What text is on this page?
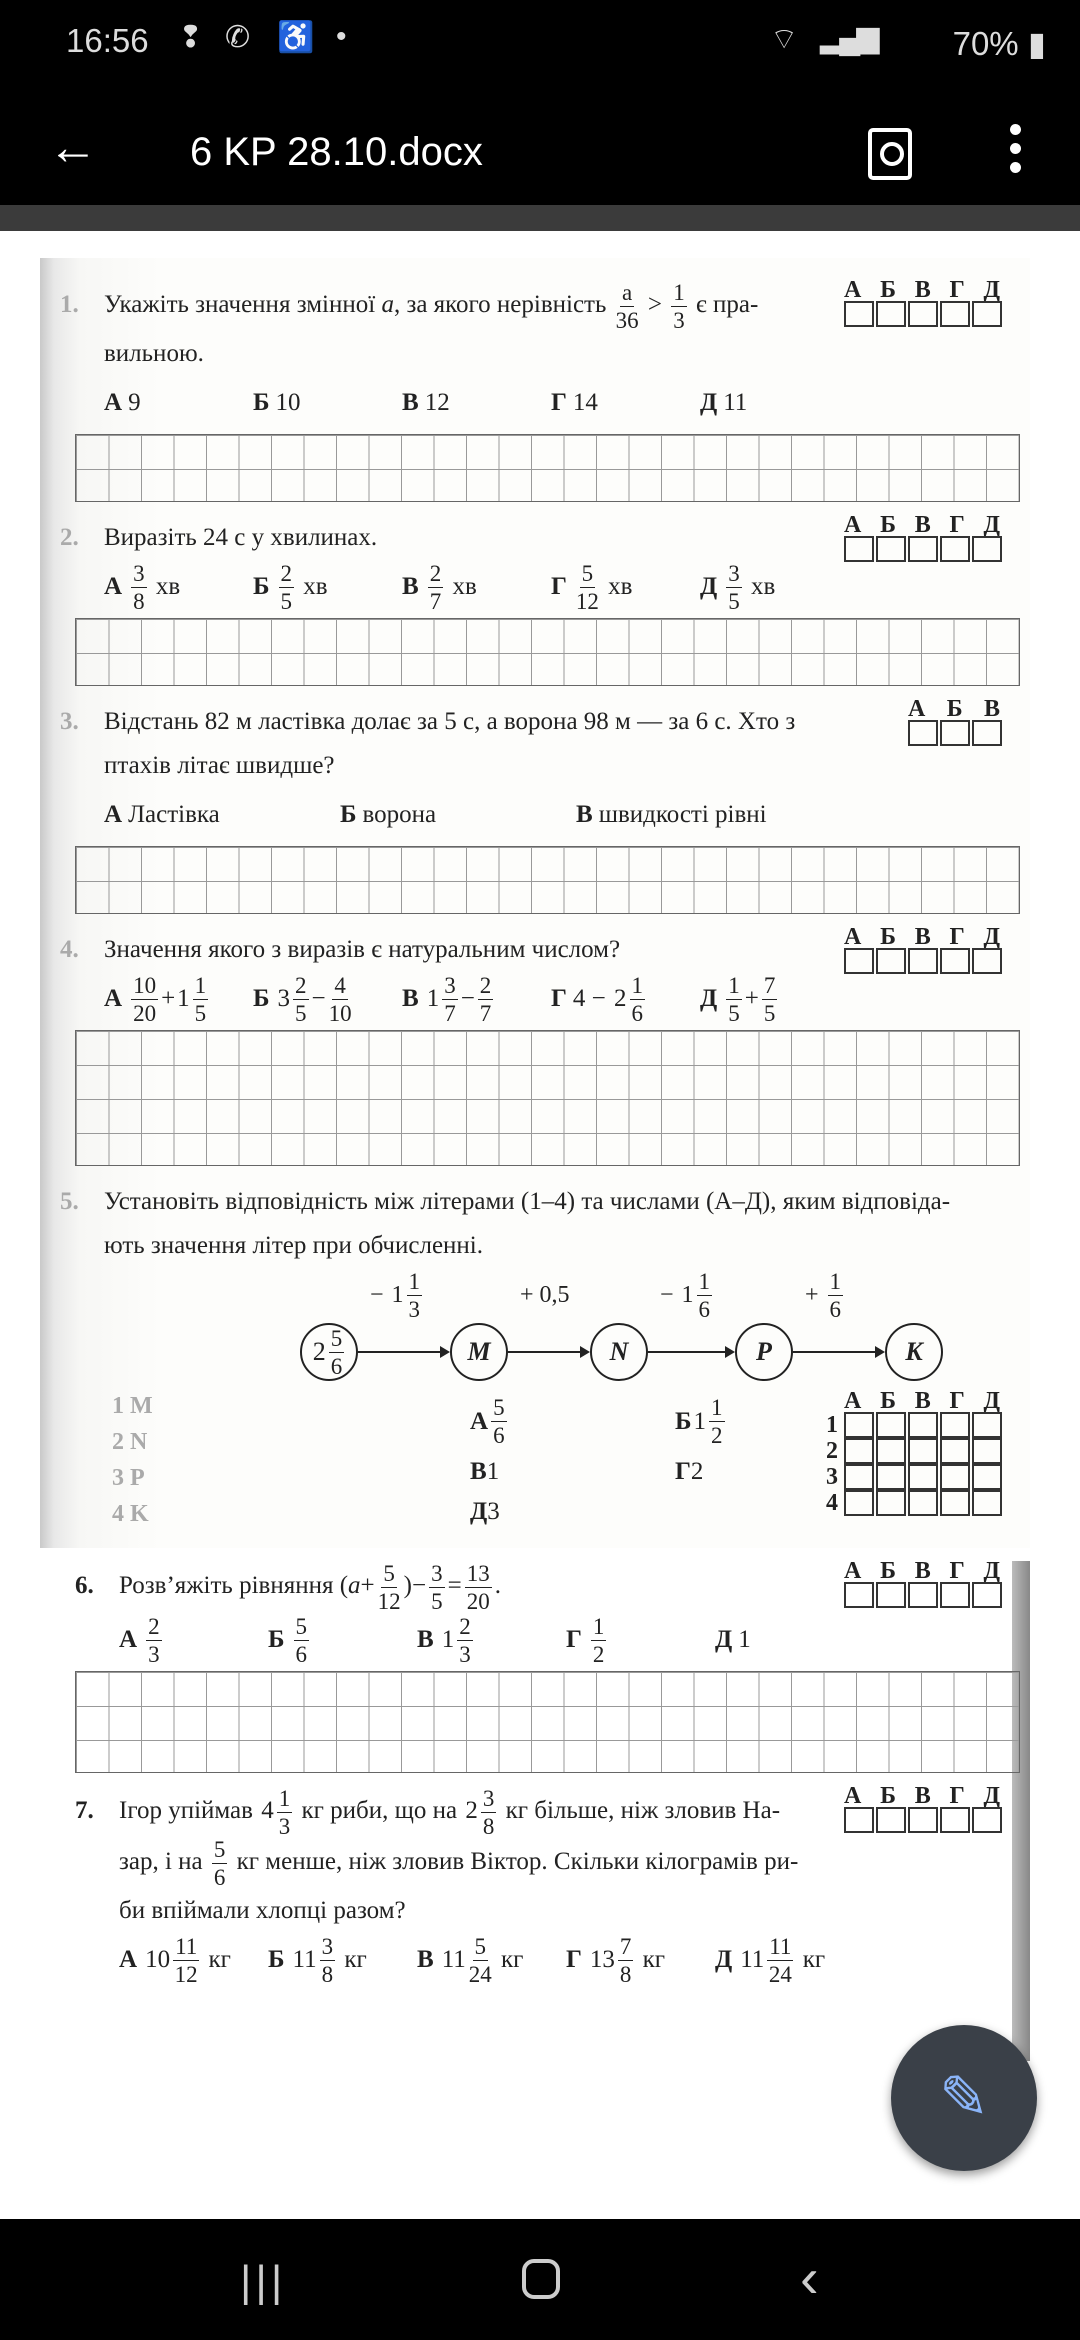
16:56 ❢ ✆ ♿ •	⌔ ▂▄▆ 70% ▮
← 6 KP 28.10.docx
1. Укажіть значення змінної a, за якого нерівність $\frac{a}{36} > \frac{1}{3}$ є пра-
вильною.
А Б В Г Д
А 9	Б 10	В 12	Г 14	Д 11
2. Виразіть 24 с у хвилинах.	А Б В Г Д
А $\frac{3}{8}$ хв	Б $\frac{2}{5}$ хв	В $\frac{2}{7}$ хв	Г $\frac{5}{12}$ хв	Д $\frac{3}{5}$ хв
3. Відстань 82 м ластівка долає за 5 с, а ворона 98 м — за 6 с. Хто з
птахів літає швидше?
А Б В
А Ластівка	Б ворона	В швидкості рівні
4. Значення якого з виразів є натуральним числом?	А Б В Г Д
А $\frac{10}{20} + 1 \frac{1}{5}$ Б $3 \frac{2}{5} - \frac{4}{10}$ В $1 \frac{3}{7} - \frac{2}{7}$ Г $4 - 2 \frac{1}{6}$ Д $\frac{1}{5} + \frac{7}{5}$
5. Установіть відповідність між літерами (1–4) та числами (А–Д), яким відповіда-
ють значення літер при обчисленні.
А Б В Г Д
1
2
3
4
$2 \frac{5}{6}$	M
− $1 \frac{1}{3}$
N
+ 0,5
P
− $1 \frac{1}{6}$
K
+ $\frac{1}{6}$
1 M
2 N
3 P
4 K
А $\frac{5}{6}$	Б $1 \frac{1}{2}$
В 1	Г 2
Д 3
6. Розв’яжіть рівняння ($a+ \frac{5}{12}$ )− $\frac{3}{5} = \frac{13}{20}$ .
А Б В Г Д
А $\frac{2}{3}$	Б $\frac{5}{6}$	В $1 \frac{2}{3}$	Г $\frac{1}{2}$	Д 1
7. Ігор упіймав $4 \frac{1}{3}$ кг риби, що на $2 \frac{3}{8}$ кг більше, ніж зловив На-
зар, і на $\frac{5}{6}$ кг менше, ніж зловив Віктор. Скільки кілограмів ри-
би впіймали хлопці разом?
А Б В Г Д
А $10 \frac{11}{12}$ кг Б $11 \frac{3}{8}$ кг В $11 \frac{5}{24}$ кг Г $13 \frac{7}{8}$ кг Д $11 \frac{11}{24}$ кг
✎
|||	‹
